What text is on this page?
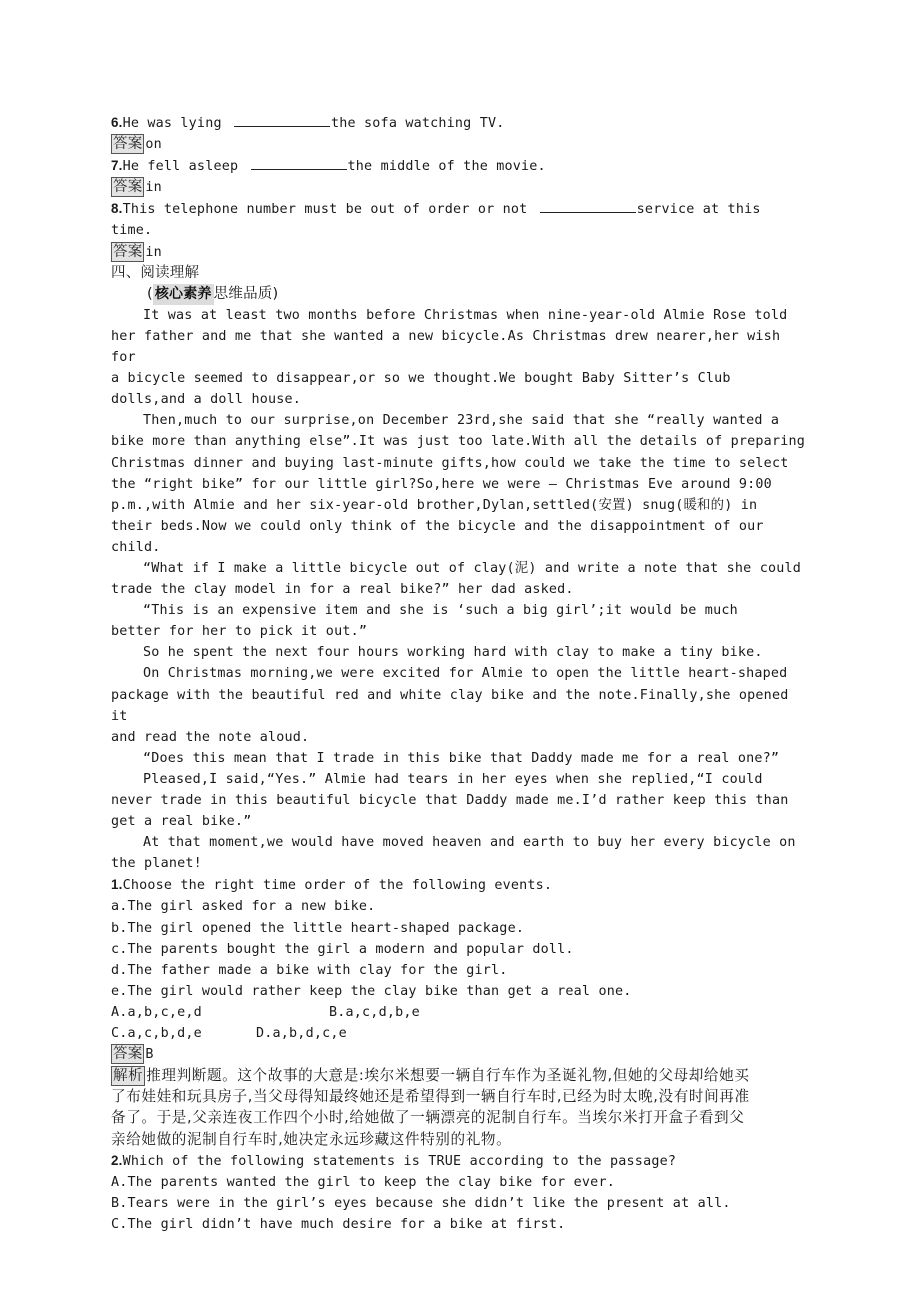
6.He was lying	the sofa watching TV.
答案 on
7.He fell asleep	the middle of the movie.
答案 in
8.This telephone number must be out of order or not	service at this
time.
答案 in
四、阅读理解
( 核心素养 思维品质)
It was at least two months before Christmas when nine-year-old Almie Rose told
her father and me that she wanted a new bicycle.As Christmas drew nearer,her wish for
a bicycle seemed to disappear,or so we thought.We bought Baby Sitter’s Club
dolls,and a doll house.
Then,much to our surprise,on December 23rd,she said that she “really wanted a
bike more than anything else”.It was just too late.With all the details of preparing
Christmas dinner and buying last-minute gifts,how could we take the time to select
the “right bike” for our little girl?So,here we were — Christmas Eve around 9:00
p.m.,with Almie and her six-year-old brother,Dylan,settled(安置) snug(暖和的) in
their beds.Now we could only think of the bicycle and the disappointment of our child.
“What if I make a little bicycle out of clay(泥) and write a note that she could
trade the clay model in for a real bike?” her dad asked.
“This is an expensive item and she is ‘such a big girl’;it would be much
better for her to pick it out.”
So he spent the next four hours working hard with clay to make a tiny bike.
On Christmas morning,we were excited for Almie to open the little heart-shaped
package with the beautiful red and white clay bike and the note.Finally,she opened it
and read the note aloud.
“Does this mean that I trade in this bike that Daddy made me for a real one?”
Pleased,I said,“Yes.” Almie had tears in her eyes when she replied,“I could
never trade in this beautiful bicycle that Daddy made me.I’d rather keep this than
get a real bike.”
At that moment,we would have moved heaven and earth to buy her every bicycle on
the planet!
1.Choose the right time order of the following events.
a.The girl asked for a new bike.
b.The girl opened the little heart-shaped package.
c.The parents bought the girl a modern and popular doll.
d.The father made a bike with clay for the girl.
e.The girl would rather keep the clay bike than get a real one.
A.a,b,c,e,d	B.a,c,d,b,e
C.a,c,b,d,e	D.a,b,d,c,e
答案 B
解析 推理判断题。这个故事的大意是:埃尔米想要一辆自行车作为圣诞礼物,但她的父母却给她买
了布娃娃和玩具房子,当父母得知最终她还是希望得到一辆自行车时,已经为时太晚,没有时间再准
备了。于是,父亲连夜工作四个小时,给她做了一辆漂亮的泥制自行车。当埃尔米打开盒子看到父
亲给她做的泥制自行车时,她决定永远珍藏这件特别的礼物。
2.Which of the following statements is TRUE according to the passage?
A.The parents wanted the girl to keep the clay bike for ever.
B.Tears were in the girl’s eyes because she didn’t like the present at all.
C.The girl didn’t have much desire for a bike at first.
